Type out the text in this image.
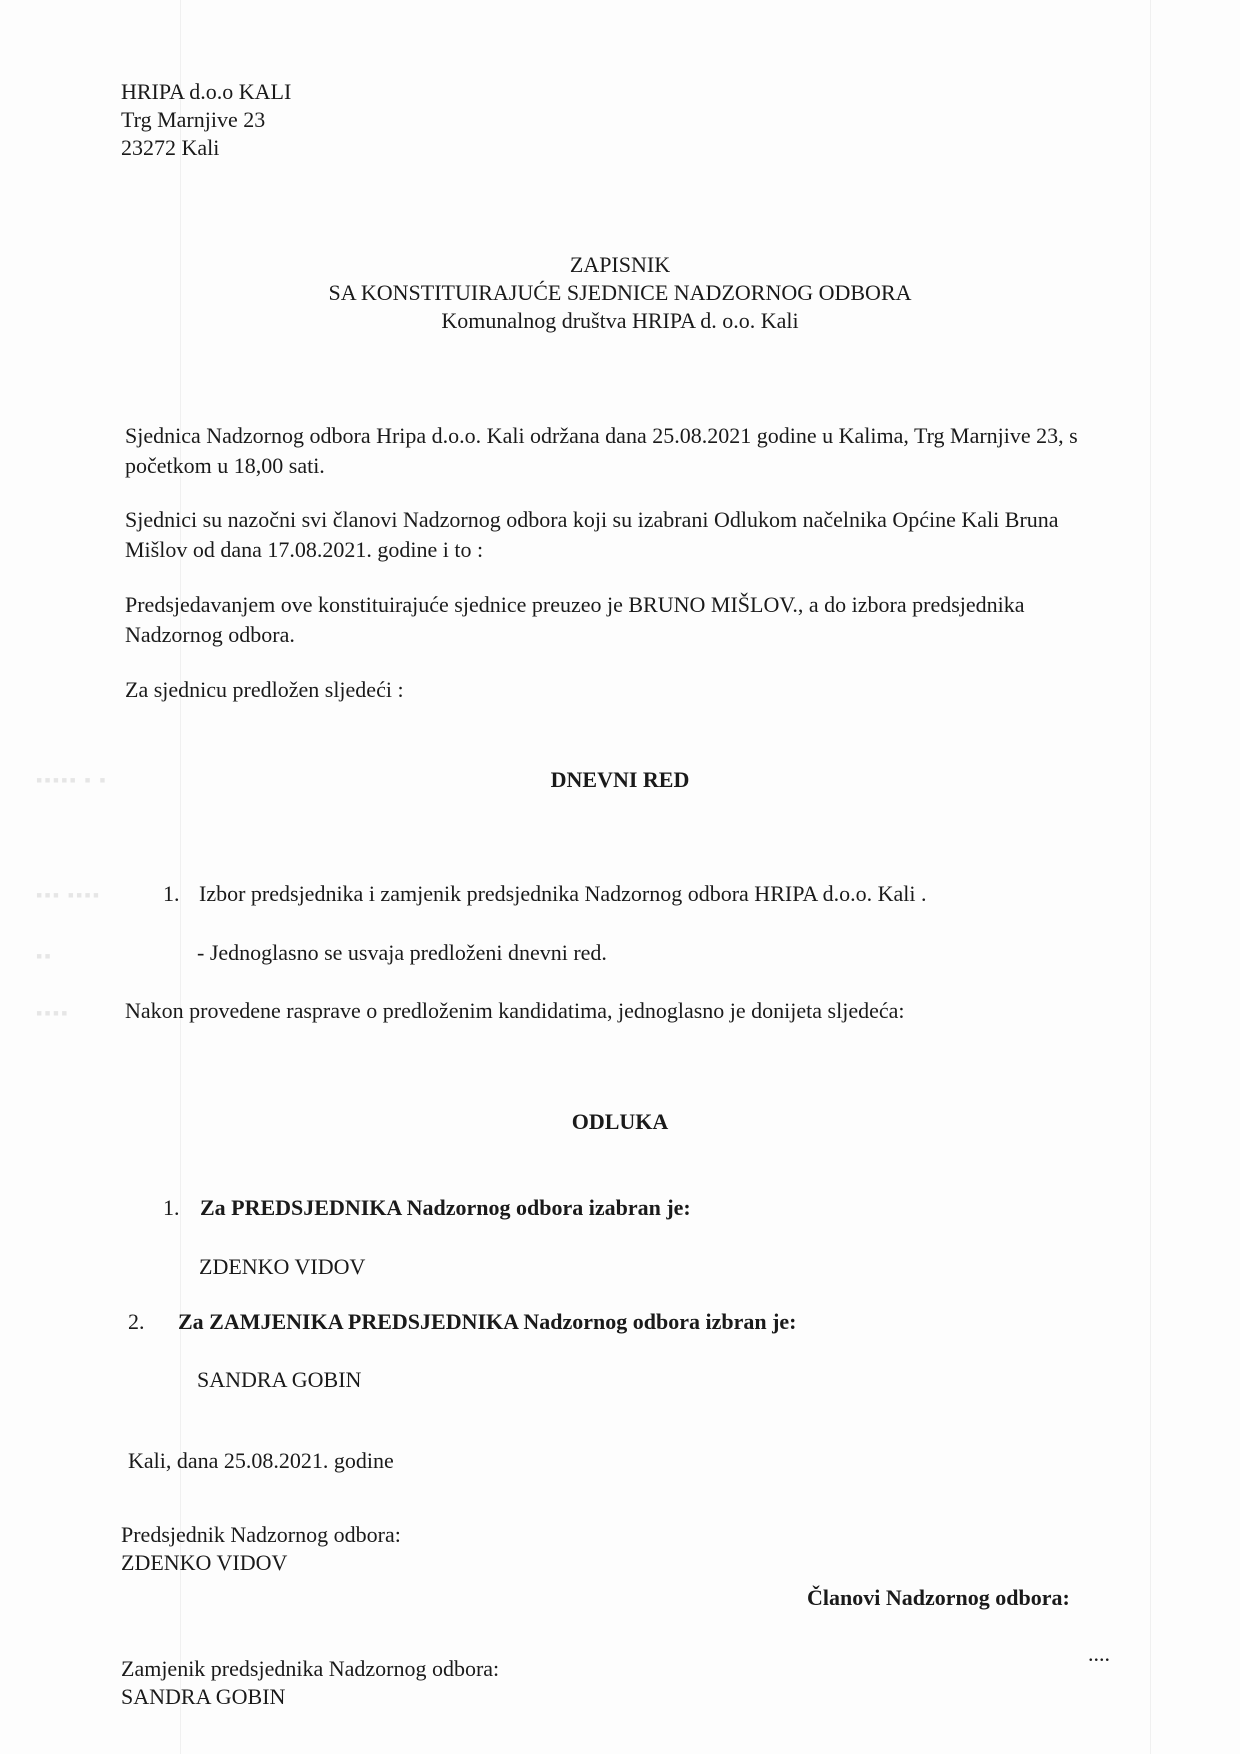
▪▪▪▪▪ ▪ ▪
▪▪▪ ▪▪▪▪
▪▪
▪▪▪▪
HRIPA d.o.o KALI
Trg Marnjive 23
23272 Kali
ZAPISNIK
SA KONSTITUIRAJUĆE SJEDNICE NADZORNOG ODBORA
Komunalnog društva HRIPA d. o.o. Kali
Sjednica Nadzornog odbora Hripa d.o.o. Kali održana dana 25.08.2021 godine u Kalima, Trg Marnjive 23, s početkom u 18,00 sati.
Sjednici su nazočni svi članovi Nadzornog odbora koji su izabrani Odlukom načelnika Općine Kali Bruna Mišlov od dana 17.08.2021. godine i to :
Predsjedavanjem ove konstituirajuće sjednice preuzeo je BRUNO MIŠLOV., a do izbora predsjednika Nadzornog odbora.
Za sjednicu predložen sljedeći :
DNEVNI RED
1. Izbor predsjednika i zamjenik predsjednika Nadzornog odbora HRIPA d.o.o. Kali .
- Jednoglasno se usvaja predloženi dnevni red.
Nakon provedene rasprave o predloženim kandidatima, jednoglasno je donijeta sljedeća:
ODLUKA
1. Za PREDSJEDNIKA Nadzornog odbora izabran je:
ZDENKO VIDOV
2. Za ZAMJENIKA PREDSJEDNIKA Nadzornog odbora izbran je:
SANDRA GOBIN
Kali, dana 25.08.2021. godine
Predsjednik Nadzornog odbora:
ZDENKO VIDOV
Članovi Nadzornog odbora:
....
Zamjenik predsjednika Nadzornog odbora:
SANDRA GOBIN
